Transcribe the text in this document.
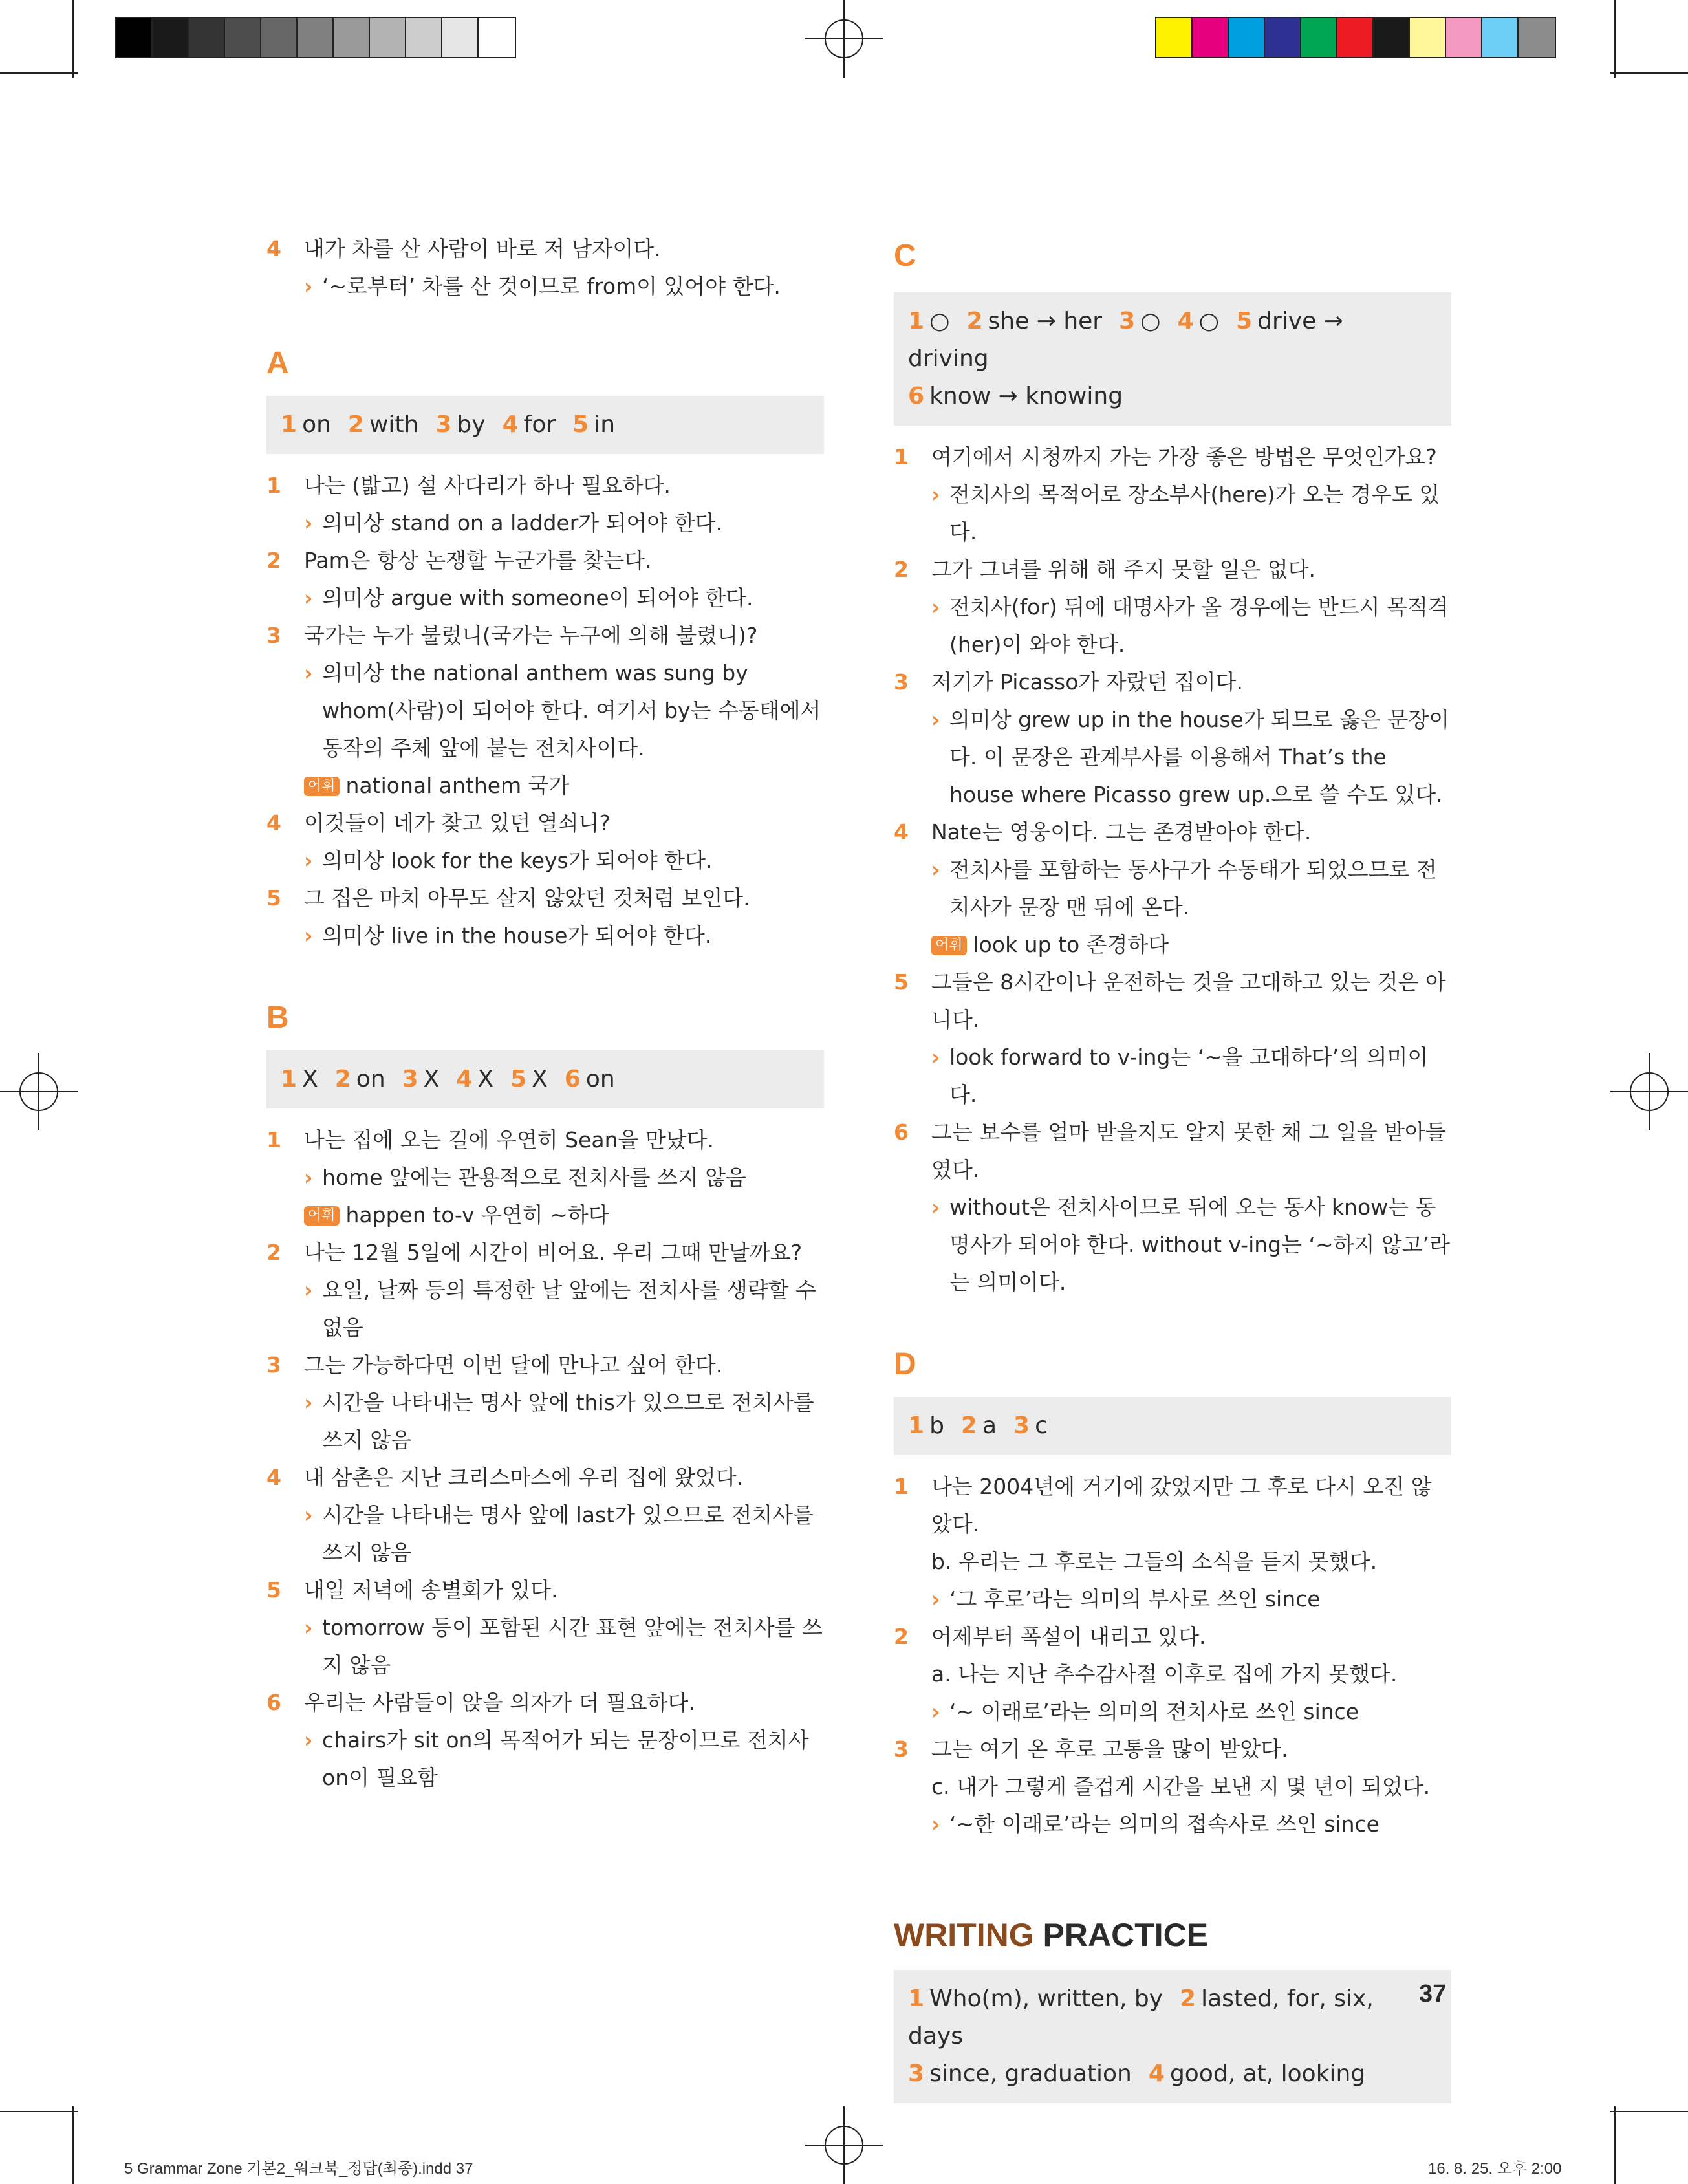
4 내가 차를 산 사람이 바로 저 남자이다.
› ‘~로부터’ 차를 산 것이므로 from이 있어야 한다.
A
1 on 2 with 3 by 4 for 5 in
1 나는 (밟고) 설 사다리가 하나 필요하다.
› 의미상 stand on a ladder가 되어야 한다.
2 Pam은 항상 논쟁할 누군가를 찾는다.
› 의미상 argue with someone이 되어야 한다.
3 국가는 누가 불렀니(국가는 누구에 의해 불렸니)?
› 의미상 the national anthem was sung by whom(사람)이 되어야 한다. 여기서 by는 수동태에서 동작의 주체 앞에 붙는 전치사이다.
어휘 national anthem 국가
4 이것들이 네가 찾고 있던 열쇠니?
› 의미상 look for the keys가 되어야 한다.
5 그 집은 마치 아무도 살지 않았던 것처럼 보인다.
› 의미상 live in the house가 되어야 한다.
B
1 X 2 on 3 X 4 X 5 X 6 on
1 나는 집에 오는 길에 우연히 Sean을 만났다.
› home 앞에는 관용적으로 전치사를 쓰지 않음
어휘 happen to-v 우연히 ~하다
2 나는 12월 5일에 시간이 비어요. 우리 그때 만날까요?
› 요일, 날짜 등의 특정한 날 앞에는 전치사를 생략할 수 없음
3 그는 가능하다면 이번 달에 만나고 싶어 한다.
› 시간을 나타내는 명사 앞에 this가 있으므로 전치사를 쓰지 않음
4 내 삼촌은 지난 크리스마스에 우리 집에 왔었다.
› 시간을 나타내는 명사 앞에 last가 있으므로 전치사를 쓰지 않음
5 내일 저녁에 송별회가 있다.
› tomorrow 등이 포함된 시간 표현 앞에는 전치사를 쓰지 않음
6 우리는 사람들이 앉을 의자가 더 필요하다.
› chairs가 sit on의 목적어가 되는 문장이므로 전치사 on이 필요함
C
1 ○ 2 she → her 3 ○ 4 ○ 5 drive → driving
6 know → knowing
1 여기에서 시청까지 가는 가장 좋은 방법은 무엇인가요?
› 전치사의 목적어로 장소부사(here)가 오는 경우도 있다.
2 그가 그녀를 위해 해 주지 못할 일은 없다.
› 전치사(for) 뒤에 대명사가 올 경우에는 반드시 목적격(her)이 와야 한다.
3 저기가 Picasso가 자랐던 집이다.
› 의미상 grew up in the house가 되므로 옳은 문장이다. 이 문장은 관계부사를 이용해서 That’s the house where Picasso grew up.으로 쓸 수도 있다.
4 Nate는 영웅이다. 그는 존경받아야 한다.
› 전치사를 포함하는 동사구가 수동태가 되었으므로 전치사가 문장 맨 뒤에 온다.
어휘 look up to 존경하다
5 그들은 8시간이나 운전하는 것을 고대하고 있는 것은 아니다.
› look forward to v-ing는 ‘~을 고대하다’의 의미이다.
6 그는 보수를 얼마 받을지도 알지 못한 채 그 일을 받아들였다.
› without은 전치사이므로 뒤에 오는 동사 know는 동명사가 되어야 한다. without v-ing는 ‘~하지 않고’라는 의미이다.
D
1 b 2 a 3 c
1 나는 2004년에 거기에 갔었지만 그 후로 다시 오진 않았다.
b. 우리는 그 후로는 그들의 소식을 듣지 못했다.
› ‘그 후로’라는 의미의 부사로 쓰인 since
2 어제부터 폭설이 내리고 있다.
a. 나는 지난 추수감사절 이후로 집에 가지 못했다.
› ‘~ 이래로’라는 의미의 전치사로 쓰인 since
3 그는 여기 온 후로 고통을 많이 받았다.
c. 내가 그렇게 즐겁게 시간을 보낸 지 몇 년이 되었다.
› ‘~한 이래로’라는 의미의 접속사로 쓰인 since
WRITING PRACTICE
1 Who(m), written, by 2 lasted, for, six, days
3 since, graduation 4 good, at, looking
37
5 Grammar Zone 기본2_워크북_정답(최종).indd 37	16. 8. 25. 오후 2:00
